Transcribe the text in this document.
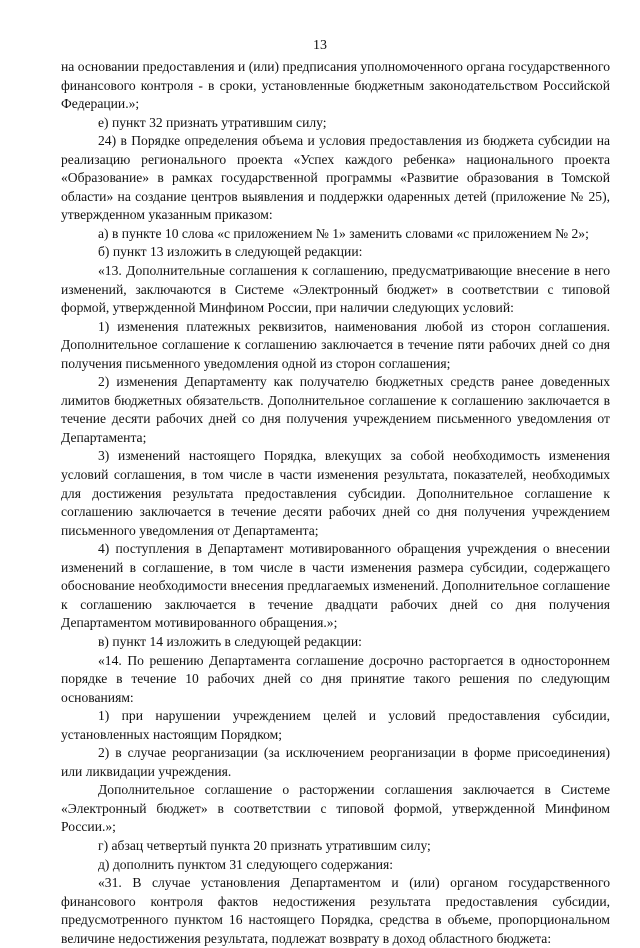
13

на основании предоставления и (или) предписания уполномоченного органа государственного финансового контроля - в сроки, установленные бюджетным законодательством Российской Федерации.»;

е) пункт 32 признать утратившим силу;

24) в Порядке определения объема и условия предоставления из бюджета субсидии на реализацию регионального проекта «Успех каждого ребенка» национального проекта «Образование» в рамках государственной программы «Развитие образования в Томской области» на создание центров выявления и поддержки одаренных детей (приложение № 25), утвержденном указанным приказом:

а) в пункте 10 слова «с приложением № 1» заменить словами «с приложением № 2»;

б) пункт 13 изложить в следующей редакции:

«13. Дополнительные соглашения к соглашению, предусматривающие внесение в него изменений, заключаются в Системе «Электронный бюджет» в соответствии с типовой формой, утвержденной Минфином России, при наличии следующих условий:

1) изменения платежных реквизитов, наименования любой из сторон соглашения. Дополнительное соглашение к соглашению заключается в течение пяти рабочих дней со дня получения письменного уведомления одной из сторон соглашения;

2) изменения Департаменту как получателю бюджетных средств ранее доведенных лимитов бюджетных обязательств. Дополнительное соглашение к соглашению заключается в течение десяти рабочих дней со дня получения учреждением письменного уведомления от Департамента;

3) изменений настоящего Порядка, влекущих за собой необходимость изменения условий соглашения, в том числе в части изменения результата, показателей, необходимых для достижения результата предоставления субсидии. Дополнительное соглашение к соглашению заключается в течение десяти рабочих дней со дня получения учреждением письменного уведомления от Департамента;

4) поступления в Департамент мотивированного обращения учреждения о внесении изменений в соглашение, в том числе в части изменения размера субсидии, содержащего обоснование необходимости внесения предлагаемых изменений. Дополнительное соглашение к соглашению заключается в течение двадцати рабочих дней со дня получения Департаментом мотивированного обращения.»;

в) пункт 14 изложить в следующей редакции:

«14. По решению Департамента соглашение досрочно расторгается в одностороннем порядке в течение 10 рабочих дней со дня принятие такого решения по следующим основаниям:

1) при нарушении учреждением целей и условий предоставления субсидии, установленных настоящим Порядком;

2) в случае реорганизации (за исключением реорганизации в форме присоединения) или ликвидации учреждения.

Дополнительное соглашение о расторжении соглашения заключается в Системе «Электронный бюджет» в соответствии с типовой формой, утвержденной Минфином России.»;

г) абзац четвертый пункта 20 признать утратившим силу;

д) дополнить пунктом 31 следующего содержания:

«31. В случае установления Департаментом и (или) органом государственного финансового контроля фактов недостижения результата предоставления субсидии, предусмотренного пунктом 16 настоящего Порядка, средства в объеме, пропорциональном величине недостижения результата, подлежат возврату в доход областного бюджета:
